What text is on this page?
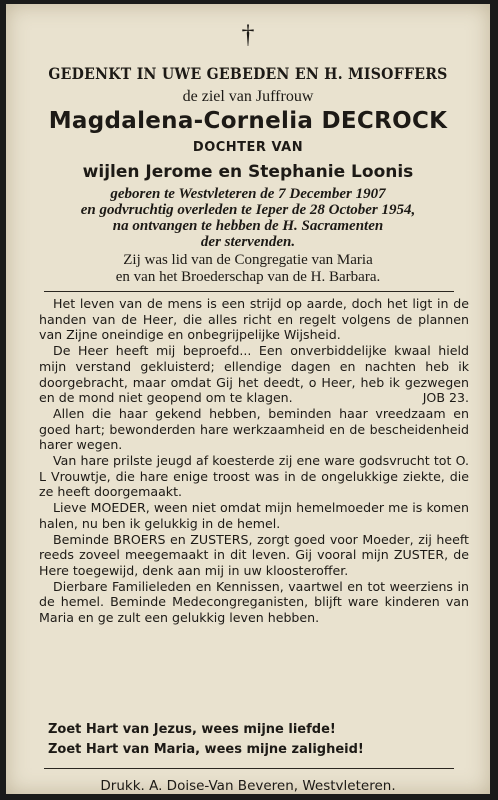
†
GEDENKT IN UWE GEBEDEN EN H. MISOFFERS
de ziel van Juffrouw
Magdalena-Cornelia DECROCK
DOCHTER VAN
wijlen Jerome en Stephanie Loonis
geboren te Westvleteren de 7 December 1907
en godvruchtig overleden te Ieper de 28 October 1954,
na ontvangen te hebben de H. Sacramenten
der stervenden.
Zij was lid van de Congregatie van Maria
en van het Broederschap van de H. Barbara.

Het leven van de mens is een strijd op aarde, doch het ligt in de handen van de Heer, die alles richt en regelt volgens de plannen van Zijne oneindige en onbegrijpelijke Wijsheid.

De Heer heeft mij beproefd... Een onverbiddelijke kwaal hield mijn verstand gekluisterd; ellendige dagen en nachten heb ik doorgebracht, maar omdat Gij het deedt, o Heer, heb ik gezwegen en de mond niet geopend om te klagen.	JOB 23.

Allen die haar gekend hebben, beminden haar vreedzaam en goed hart; bewonderden hare werkzaamheid en de bescheidenheid harer wegen.

Van hare prilste jeugd af koesterde zij ene ware godsvrucht tot O. L Vrouwtje, die hare enige troost was in de ongelukkige ziekte, die ze heeft doorgemaakt.

Lieve MOEDER, ween niet omdat mijn hemelmoeder me is komen halen, nu ben ik gelukkig in de hemel.

Beminde BROERS en ZUSTERS, zorgt goed voor Moeder, zij heeft reeds zoveel meegemaakt in dit leven. Gij vooral mijn ZUSTER, de Here toegewijd, denk aan mij in uw kloosteroffer.

Dierbare Familieleden en Kennissen, vaartwel en tot weerziens in de hemel. Beminde Medecongreganisten, blijft ware kinderen van Maria en ge zult een gelukkig leven hebben.

Zoet Hart van Jezus, wees mijne liefde!
Zoet Hart van Maria, wees mijne zaligheid!
Drukk. A. Doise-Van Beveren, Westvleteren.
